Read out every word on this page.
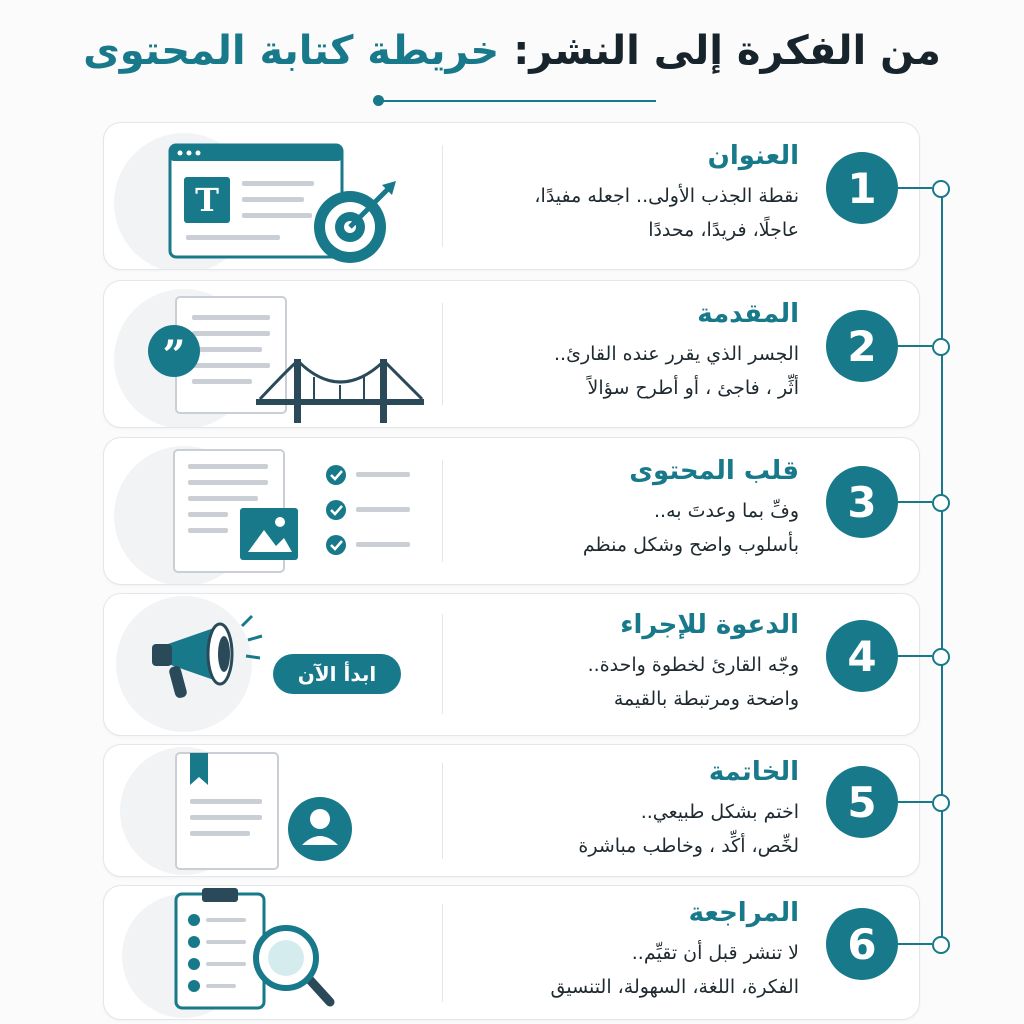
من الفكرة إلى النشر: خريطة كتابة المحتوى
T

العنوان

نقطة الجذب الأولى.. اجعله مفيدًا،

عاجلًا، فريدًا، محددًا

1
”

المقدمة

الجسر الذي يقرر عنده القارئ..

أثِّر ، فاجئ ، أو أطرح سؤالاً

2

قلب المحتوى

وفِّ بما وعدتَ به..

بأسلوب واضح وشكل منظم

3

الدعوة للإجراء

وجّه القارئ لخطوة واحدة..

واضحة ومرتبطة بالقيمة

ابدأ الآن	4

الخاتمة

اختم بشكل طبيعي..

لخِّص، أكِّد ، وخاطب مباشرة

5

المراجعة

لا تنشر قبل أن تقيِّم..

الفكرة، اللغة، السهولة، التنسيق

6
